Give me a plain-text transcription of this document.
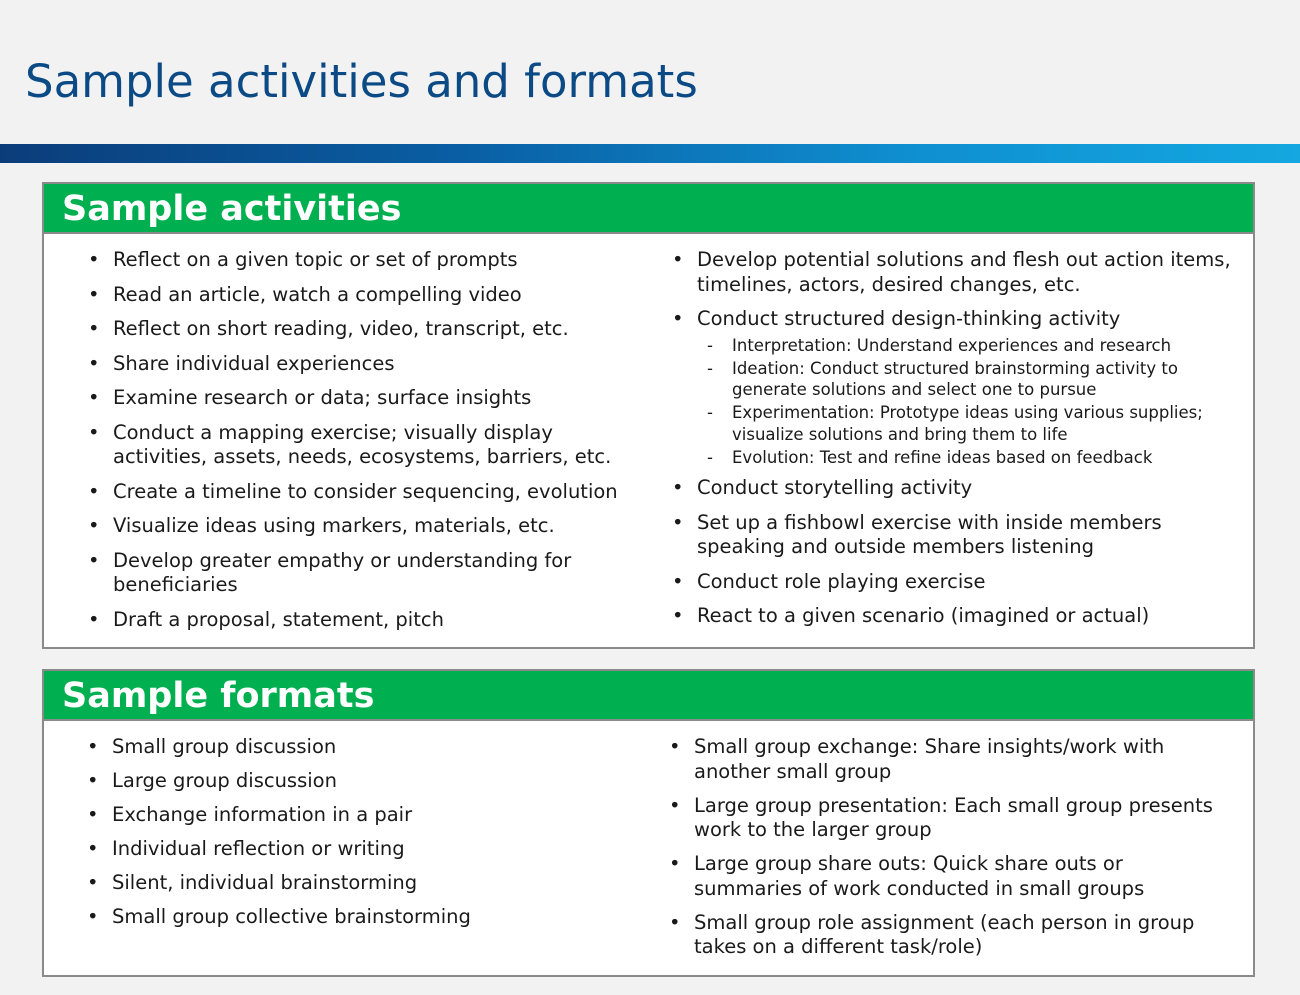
Sample activities and formats
Sample activities
• Reflect on a given topic or set of prompts
• Read an article, watch a compelling video
• Reflect on short reading, video, transcript, etc.
• Share individual experiences
• Examine research or data; surface insights
• Conduct a mapping exercise; visually display activities, assets, needs, ecosystems, barriers, etc.
• Create a timeline to consider sequencing, evolution
• Visualize ideas using markers, materials, etc.
• Develop greater empathy or understanding for beneficiaries
• Draft a proposal, statement, pitch
• Develop potential solutions and flesh out action items, timelines, actors, desired changes, etc.
• Conduct structured design-thinking activity
- Interpretation: Understand experiences and research
- Ideation: Conduct structured brainstorming activity to generate solutions and select one to pursue
- Experimentation: Prototype ideas using various supplies; visualize solutions and bring them to life
- Evolution: Test and refine ideas based on feedback
• Conduct storytelling activity
• Set up a fishbowl exercise with inside members speaking and outside members listening
• Conduct role playing exercise
• React to a given scenario (imagined or actual)
Sample formats
• Small group discussion
• Large group discussion
• Exchange information in a pair
• Individual reflection or writing
• Silent, individual brainstorming
• Small group collective brainstorming
• Small group exchange: Share insights/work with another small group
• Large group presentation: Each small group presents work to the larger group
• Large group share outs: Quick share outs or summaries of work conducted in small groups
• Small group role assignment (each person in group takes on a different task/role)
